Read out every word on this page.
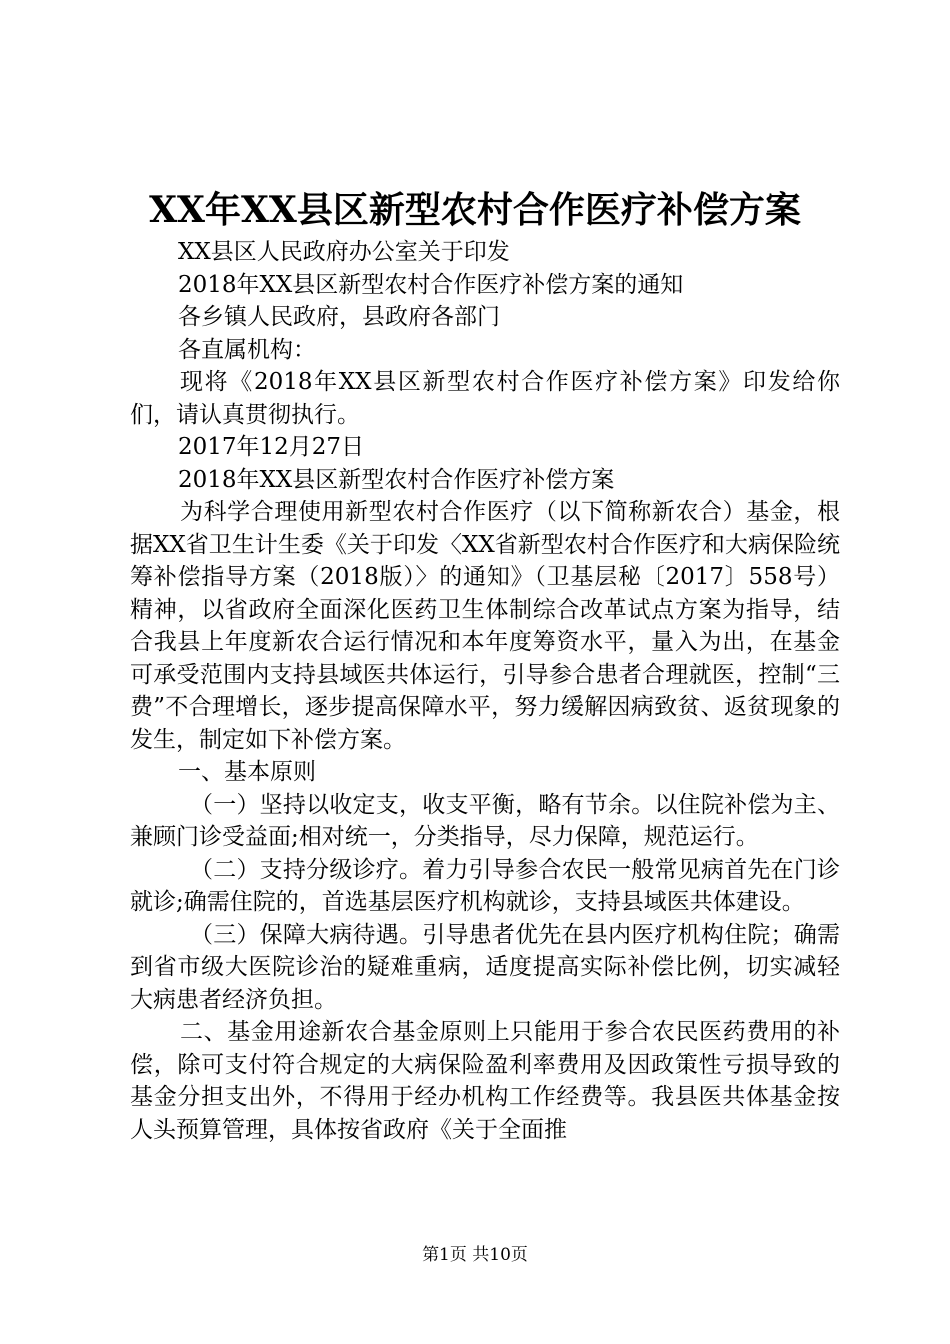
XX年XX县区新型农村合作医疗补偿方案

XX县区人民政府办公室关于印发

2018年XX县区新型农村合作医疗补偿方案的通知

各乡镇人民政府，县政府各部门

各直属机构：

现将《2018年XX县区新型农村合作医疗补偿方案》印发给你们，请认真贯彻执行。

2017年12月27日

2018年XX县区新型农村合作医疗补偿方案

为科学合理使用新型农村合作医疗（以下简称新农合）基金，根据XX省卫生计生委《关于印发〈XX省新型农村合作医疗和大病保险统筹补偿指导方案（2018版）〉的通知》（卫基层秘〔2017〕558号）精神，以省政府全面深化医药卫生体制综合改革试点方案为指导，结合我县上年度新农合运行情况和本年度筹资水平，量入为出，在基金可承受范围内支持县域医共体运行，引导参合患者合理就医，控制“三费”不合理增长，逐步提高保障水平，努力缓解因病致贫、返贫现象的发生，制定如下补偿方案。

一、基本原则

（一）坚持以收定支，收支平衡，略有节余。以住院补偿为主、兼顾门诊受益面;相对统一，分类指导，尽力保障，规范运行。

（二）支持分级诊疗。着力引导参合农民一般常见病首先在门诊就诊;确需住院的，首选基层医疗机构就诊，支持县域医共体建设。

（三）保障大病待遇。引导患者优先在县内医疗机构住院；确需到省市级大医院诊治的疑难重病，适度提高实际补偿比例，切实减轻大病患者经济负担。

二、基金用途新农合基金原则上只能用于参合农民医药费用的补偿，除可支付符合规定的大病保险盈利率费用及因政策性亏损导致的基金分担支出外，不得用于经办机构工作经费等。我县医共体基金按人头预算管理，具体按省政府《关于全面推

第1页 共10页
